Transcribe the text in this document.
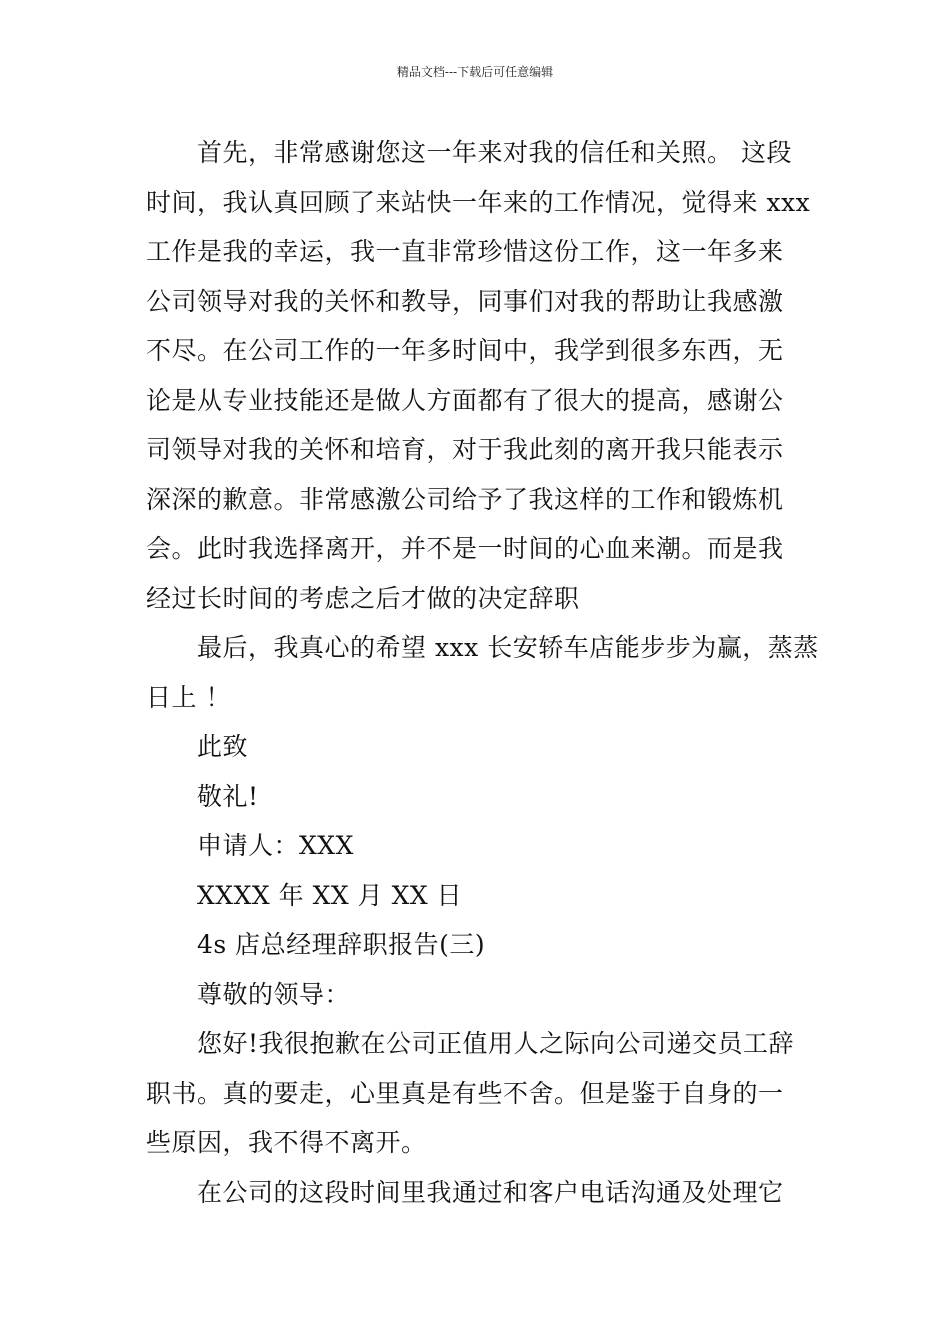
精品文档---下载后可任意编辑
首先，非常感谢您这一年来对我的信任和关照。 这段
时间，我认真回顾了来站快一年来的工作情况，觉得来 xxx
工作是我的幸运，我一直非常珍惜这份工作，这一年多来
公司领导对我的关怀和教导，同事们对我的帮助让我感激
不尽。在公司工作的一年多时间中，我学到很多东西，无
论是从专业技能还是做人方面都有了很大的提高，感谢公
司领导对我的关怀和培育，对于我此刻的离开我只能表示
深深的歉意。非常感激公司给予了我这样的工作和锻炼机
会。此时我选择离开，并不是一时间的心血来潮。而是我
经过长时间的考虑之后才做的决定辞职
最后，我真心的希望 xxx 长安轿车店能步步为赢，蒸蒸
日上 ！
此致
敬礼!
申请人：XXX
XXXX 年 XX 月 XX 日
4s 店总经理辞职报告(三)
尊敬的领导：
您好!我很抱歉在公司正值用人之际向公司递交员工辞
职书。真的要走，心里真是有些不舍。但是鉴于自身的一
些原因，我不得不离开。
在公司的这段时间里我通过和客户电话沟通及处理它
